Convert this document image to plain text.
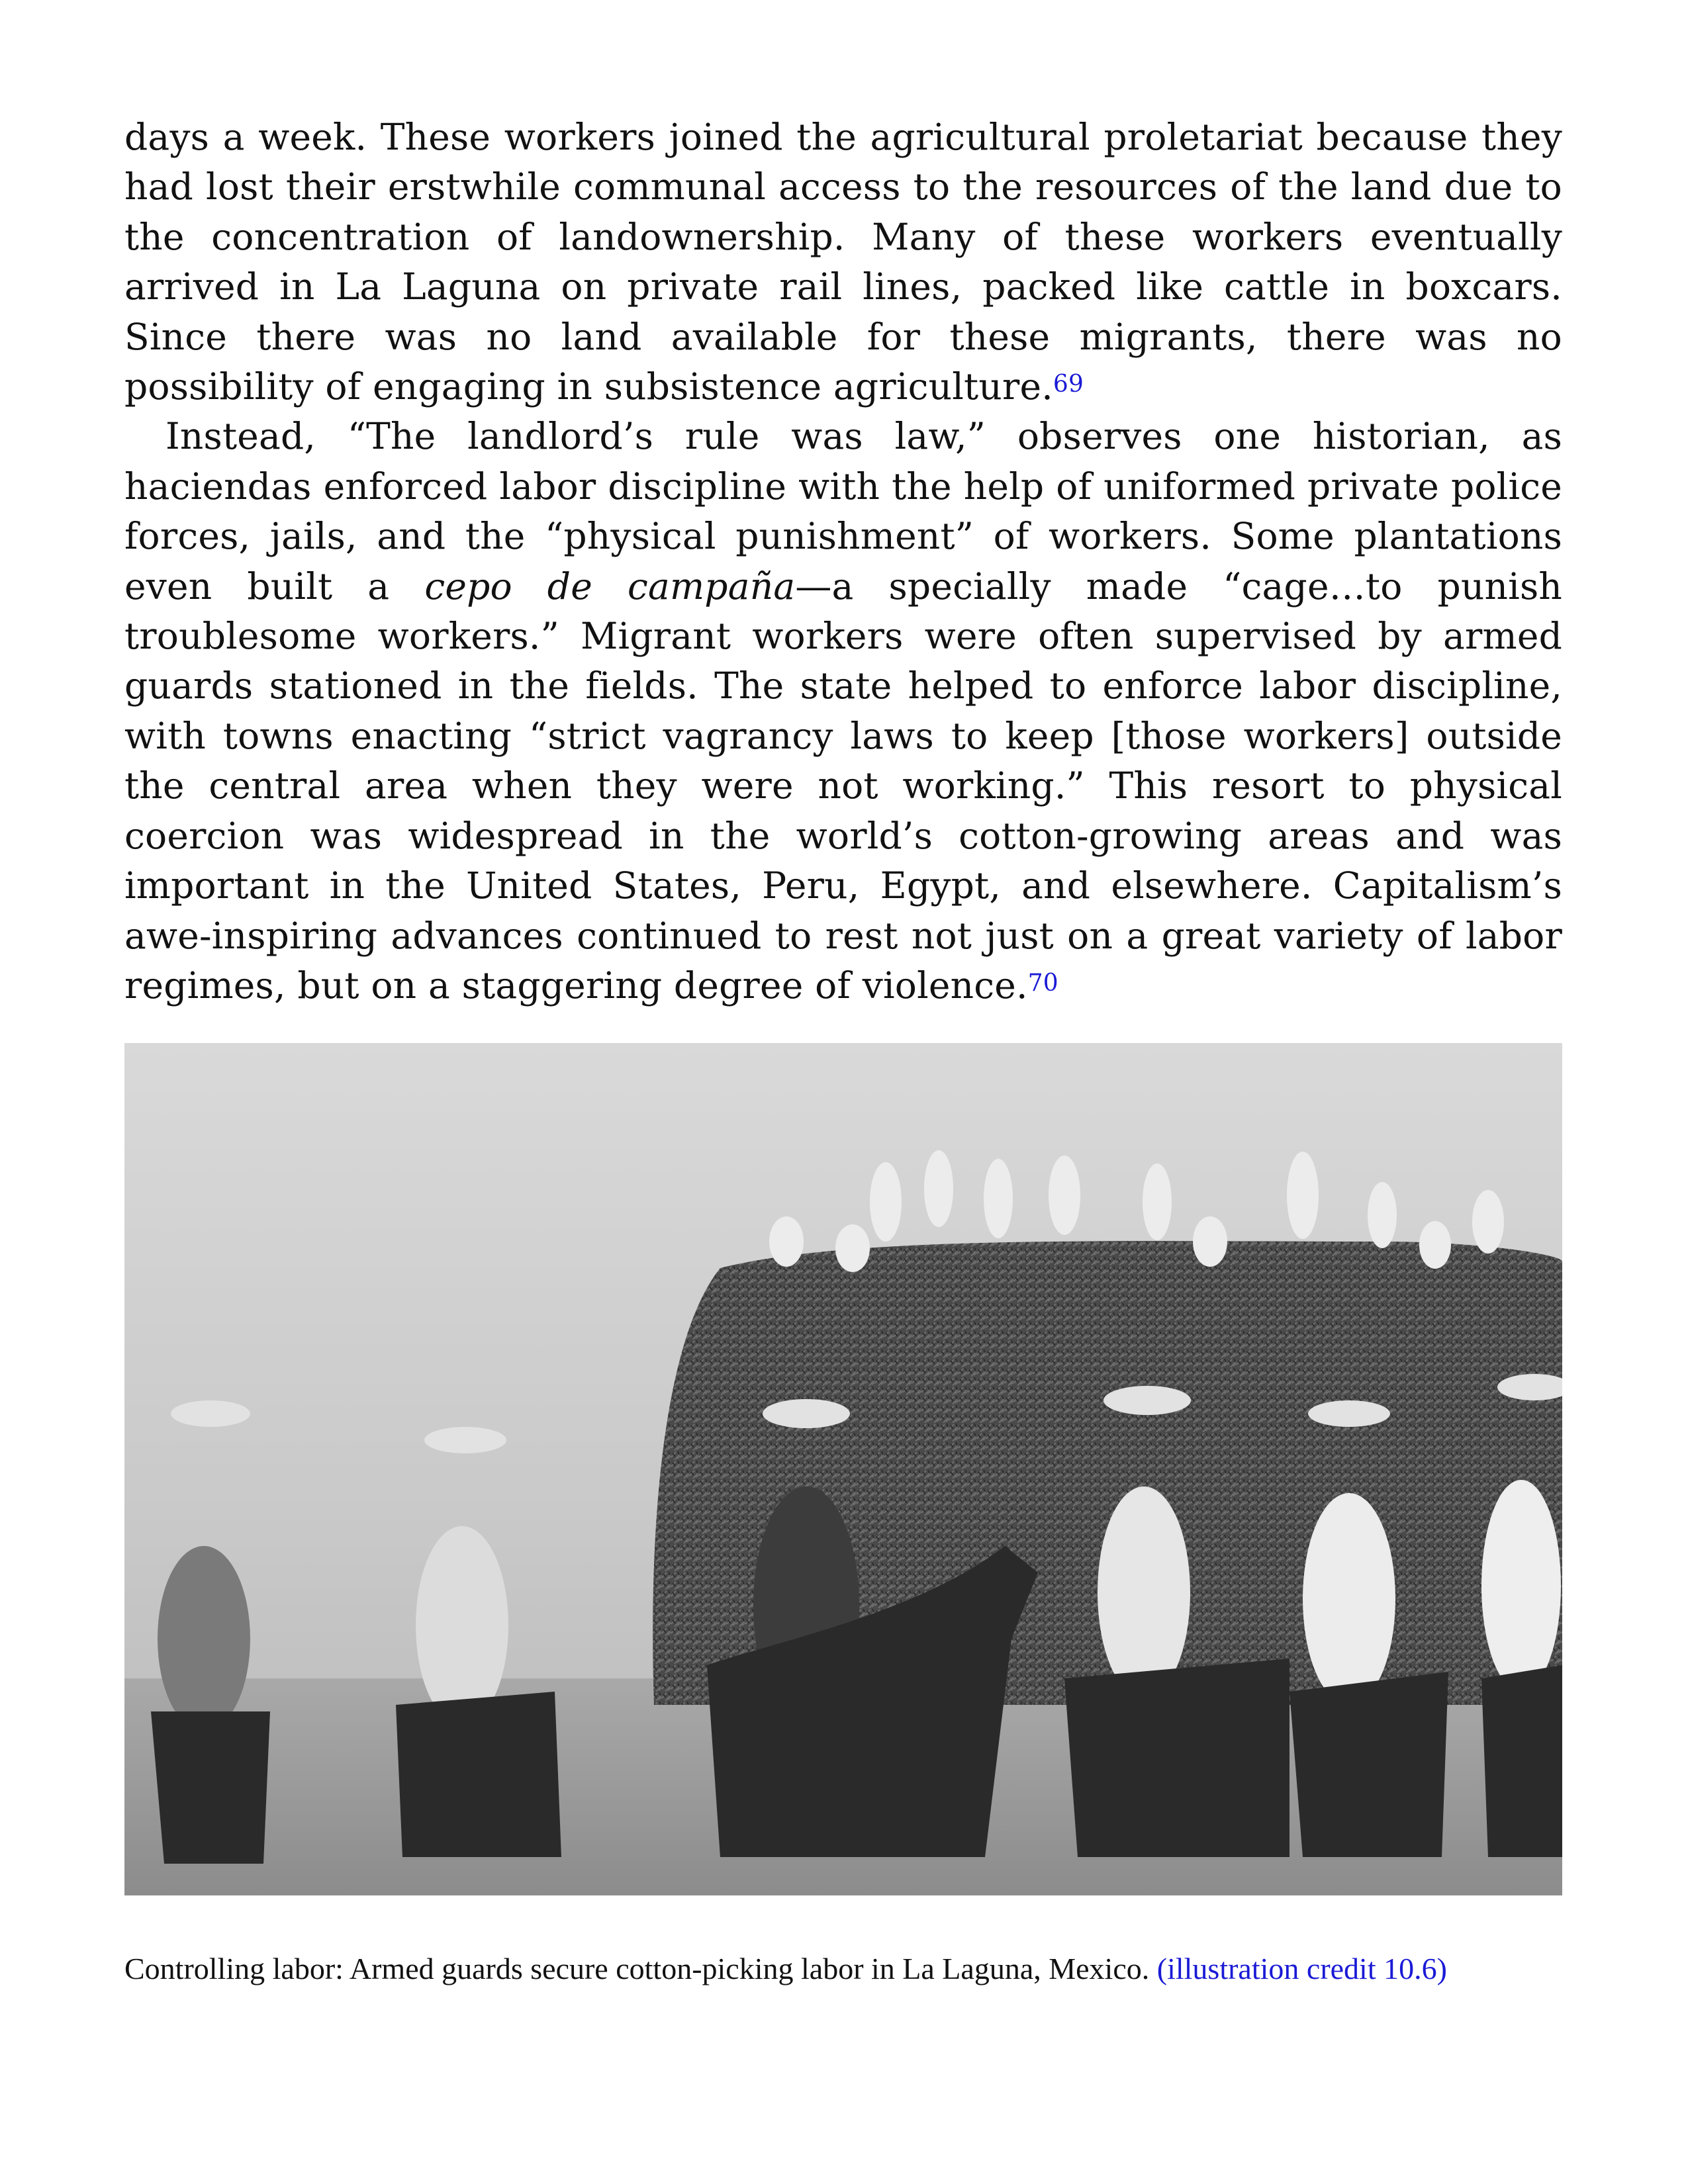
days a week. These workers joined the agricultural proletariat because they had lost their erstwhile communal access to the resources of the land due to the concentration of landownership. Many of these workers eventually arrived in La Laguna on private rail lines, packed like cattle in boxcars. Since there was no land available for these migrants, there was no possibility of engaging in subsistence agriculture.$^{69}$

Instead, “The landlord’s rule was law,” observes one historian, as haciendas enforced labor discipline with the help of uniformed private police forces, jails, and the “physical punishment” of workers. Some plantations even built a cepo de campaña—a specially made “cage…to punish troublesome workers.” Migrant workers were often supervised by armed guards stationed in the fields. The state helped to enforce labor discipline, with towns enacting “strict vagrancy laws to keep [those workers] outside the central area when they were not working.” This resort to physical coercion was widespread in the world’s cotton-growing areas and was important in the United States, Peru, Egypt, and elsewhere. Capitalism’s awe-inspiring advances continued to rest not just on a great variety of labor regimes, but on a staggering degree of violence.$^{70}$

Controlling labor: Armed guards secure cotton-picking labor in La Laguna, Mexico. (illustration credit 10.6)
